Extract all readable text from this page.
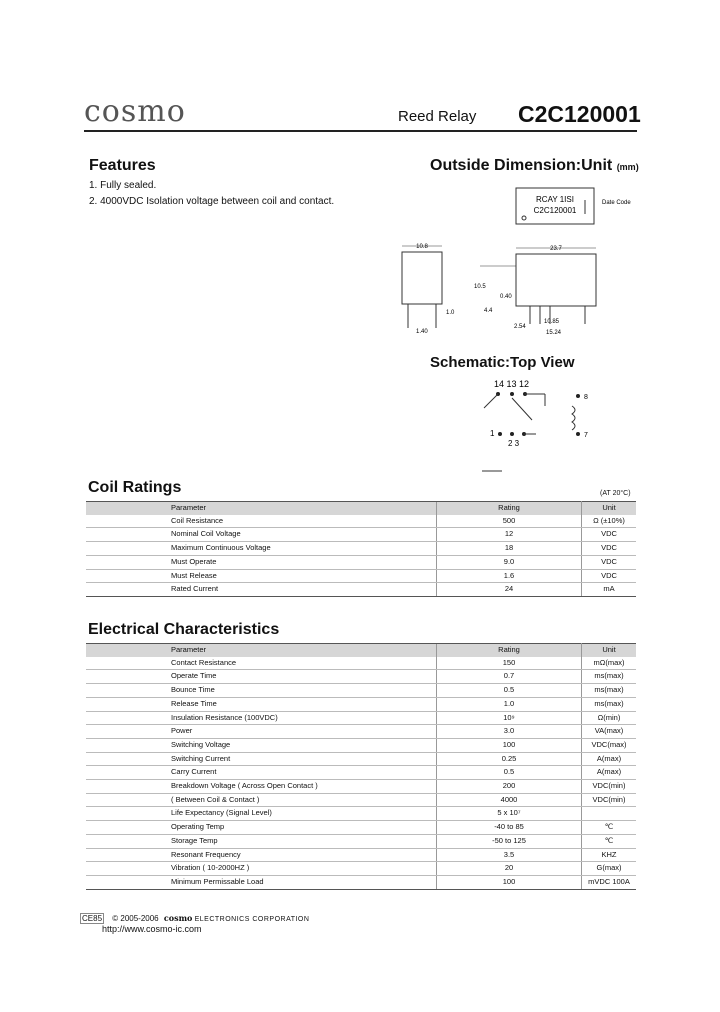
cosmo	Reed Relay C2C120001
Features
1. Fully sealed.
2. 4000VDC Isolation voltage between coil and contact.
Outside Dimension:Unit (mm)
RCAY 1ISI
C2C120001
Date Code
10.8
1.0
1.40
23.7
10.5
0.40
4.4
2.54
10.85
15.24
Schematic:Top View
14 13 12
8
7
1
2 3
Coil Ratings	(AT 20°C)
Parameter	Rating	Unit
Coil Resistance	500	Ω (±10%)
Nominal Coil Voltage	12	VDC
Maximum Continuous Voltage	18	VDC
Must Operate	9.0	VDC
Must Release	1.6	VDC
Rated Current	24	mA
Electrical Characteristics
Parameter	Rating	Unit
Contact Resistance	150	mΩ(max)
Operate Time	0.7	ms(max)
Bounce Time	0.5	ms(max)
Release Time	1.0	ms(max)
Insulation Resistance (100VDC)	10⁹	Ω(min)
Power	3.0	VA(max)
Switching Voltage	100	VDC(max)
Switching Current	0.25	A(max)
Carry Current	0.5	A(max)
Breakdown Voltage ( Across Open Contact )	200	VDC(min)
( Between Coil & Contact )	4000	VDC(min)
Life Expectancy (Signal Level)	5 x 10⁷	
Operating Temp	-40 to 85	℃
Storage Temp	-50 to 125	℃
Resonant Frequency	3.5	KHZ
Vibration ( 10-2000HZ )	20	G(max)
Minimum Permissable Load	100	mVDC 100A
CE85 © 2005-2006 cosmo ELECTRONICS CORPORATION
http://www.cosmo-ic.com
